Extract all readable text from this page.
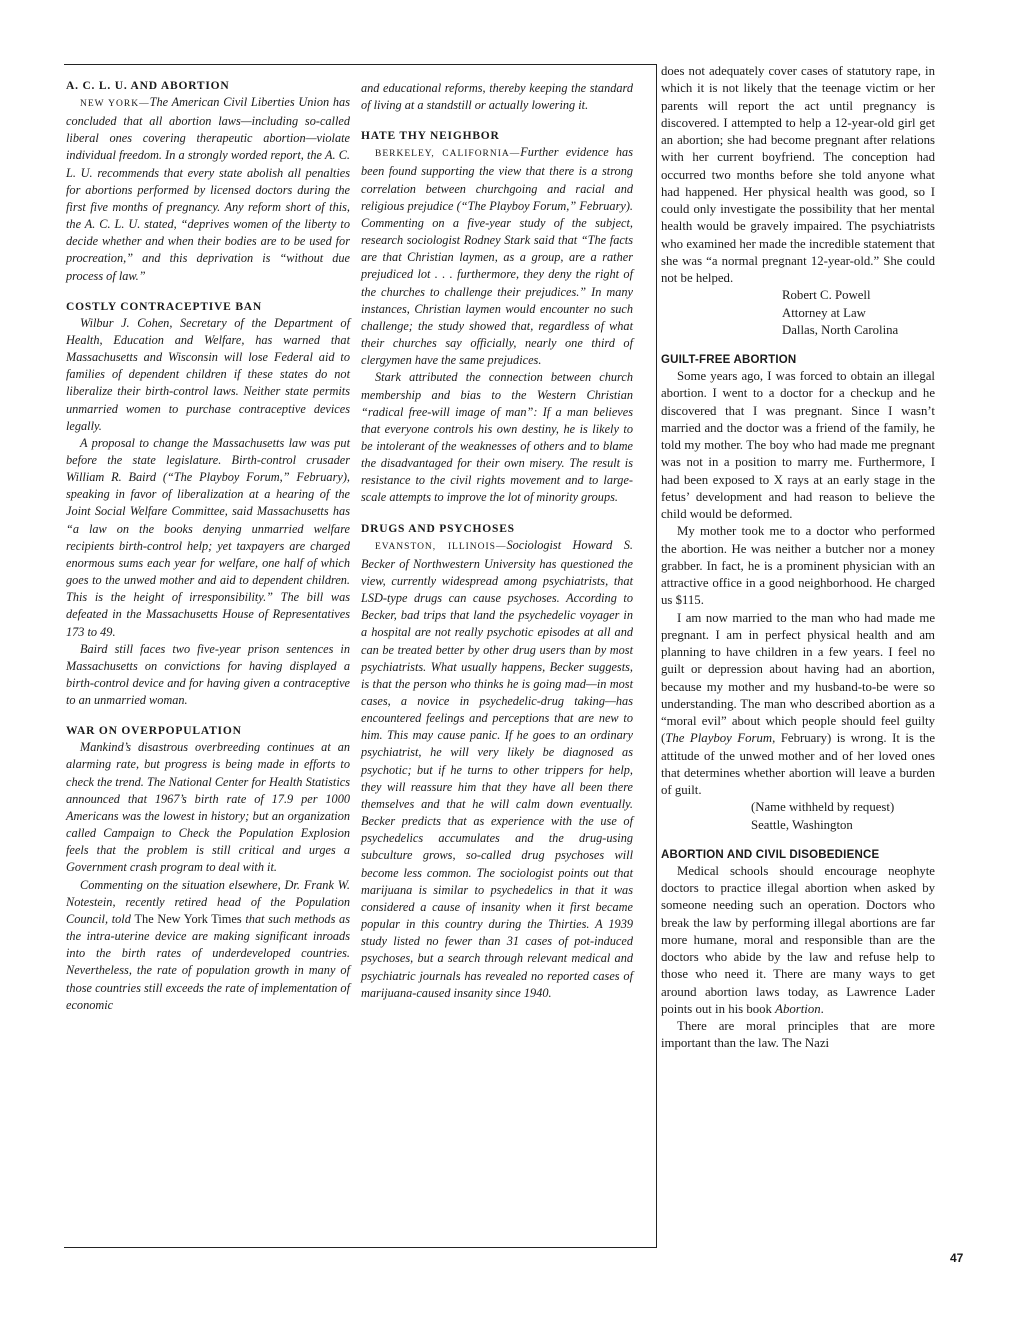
A. C. L. U. AND ABORTION

NEW YORK—The American Civil Liberties Union has concluded that all abortion laws—including so-called liberal ones covering therapeutic abortion—violate individual freedom. In a strongly worded report, the A. C. L. U. recommends that every state abolish all penalties for abortions performed by licensed doctors during the first five months of pregnancy. Any reform short of this, the A. C. L. U. stated, “deprives women of the liberty to decide whether and when their bodies are to be used for procreation,” and this deprivation is “without due process of law.”

COSTLY CONTRACEPTIVE BAN

Wilbur J. Cohen, Secretary of the Department of Health, Education and Welfare, has warned that Massachusetts and Wisconsin will lose Federal aid to families of dependent children if these states do not liberalize their birth-control laws. Neither state permits unmarried women to purchase contraceptive devices legally.

A proposal to change the Massachusetts law was put before the state legislature. Birth-control crusader William R. Baird (“The Playboy Forum,” February), speaking in favor of liberalization at a hearing of the Joint Social Welfare Committee, said Massachusetts has “a law on the books denying unmarried welfare recipients birth-control help; yet taxpayers are charged enormous sums each year for welfare, one half of which goes to the unwed mother and aid to dependent children. This is the height of irresponsibility.” The bill was defeated in the Massachusetts House of Representatives 173 to 49.

Baird still faces two five-year prison sentences in Massachusetts on convictions for having displayed a birth-control device and for having given a contraceptive to an unmarried woman.

WAR ON OVERPOPULATION

Mankind’s disastrous overbreeding continues at an alarming rate, but progress is being made in efforts to check the trend. The National Center for Health Statistics announced that 1967’s birth rate of 17.9 per 1000 Americans was the lowest in history; but an organization called Campaign to Check the Population Explosion feels that the problem is still critical and urges a Government crash program to deal with it.

Commenting on the situation elsewhere, Dr. Frank W. Notestein, recently retired head of the Population Council, told The New York Times that such methods as the intra-uterine device are making significant inroads into the birth rates of underdeveloped countries. Nevertheless, the rate of population growth in many of those countries still exceeds the rate of implementation of economic

and educational reforms, thereby keeping the standard of living at a standstill or actually lowering it.

HATE THY NEIGHBOR

BERKELEY, CALIFORNIA—Further evidence has been found supporting the view that there is a strong correlation between churchgoing and racial and religious prejudice (“The Playboy Forum,” February). Commenting on a five-year study of the subject, research sociologist Rodney Stark said that “The facts are that Christian laymen, as a group, are a rather prejudiced lot . . . furthermore, they deny the right of the churches to challenge their prejudices.” In many instances, Christian laymen would encounter no such challenge; the study showed that, regardless of what their churches say officially, nearly one third of clergymen have the same prejudices.

Stark attributed the connection between church membership and bias to the Western Christian “radical free-will image of man”: If a man believes that everyone controls his own destiny, he is likely to be intolerant of the weaknesses of others and to blame the disadvantaged for their own misery. The result is resistance to the civil rights movement and to large-scale attempts to improve the lot of minority groups.

DRUGS AND PSYCHOSES

EVANSTON, ILLINOIS—Sociologist Howard S. Becker of Northwestern University has questioned the view, currently widespread among psychiatrists, that LSD-type drugs can cause psychoses. According to Becker, bad trips that land the psychedelic voyager in a hospital are not really psychotic episodes at all and can be treated better by other drug users than by most psychiatrists. What usually happens, Becker suggests, is that the person who thinks he is going mad—in most cases, a novice in psychedelic-drug taking—has encountered feelings and perceptions that are new to him. This may cause panic. If he goes to an ordinary psychiatrist, he will very likely be diagnosed as psychotic; but if he turns to other trippers for help, they will reassure him that they have all been there themselves and that he will calm down eventually. Becker predicts that as experience with the use of psychedelics accumulates and the drug-using subculture grows, so-called drug psychoses will become less common. The sociologist points out that marijuana is similar to psychedelics in that it was considered a cause of insanity when it first became popular in this country during the Thirties. A 1939 study listed no fewer than 31 cases of pot-induced psychoses, but a search through relevant medical and psychiatric journals has revealed no reported cases of marijuana-caused insanity since 1940.

does not adequately cover cases of statutory rape, in which it is not likely that the teenage victim or her parents will report the act until pregnancy is discovered. I attempted to help a 12-year-old girl get an abortion; she had become pregnant after relations with her current boyfriend. The conception had occurred two months before she told anyone what had happened. Her physical health was good, so I could only investigate the possibility that her mental health would be gravely impaired. The psychiatrists who examined her made the incredible statement that she was “a normal pregnant 12-year-old.” She could not be helped.

Robert C. Powell

Attorney at Law

Dallas, North Carolina

GUILT-FREE ABORTION

Some years ago, I was forced to obtain an illegal abortion. I went to a doctor for a checkup and he discovered that I was pregnant. Since I wasn’t married and the doctor was a friend of the family, he told my mother. The boy who had made me pregnant was not in a position to marry me. Furthermore, I had been exposed to X rays at an early stage in the fetus’ development and had reason to believe the child would be deformed.

My mother took me to a doctor who performed the abortion. He was neither a butcher nor a money grabber. In fact, he is a prominent physician with an attractive office in a good neighborhood. He charged us $115.

I am now married to the man who had made me pregnant. I am in perfect physical health and am planning to have children in a few years. I feel no guilt or depression about having had an abortion, because my mother and my husband-to-be were so understanding. The man who described abortion as a “moral evil” about which people should feel guilty (The Playboy Forum, February) is wrong. It is the attitude of the unwed mother and of her loved ones that determines whether abortion will leave a burden of guilt.

(Name withheld by request)

Seattle, Washington

ABORTION AND CIVIL DISOBEDIENCE

Medical schools should encourage neophyte doctors to practice illegal abortion when asked by someone needing such an operation. Doctors who break the law by performing illegal abortions are far more humane, moral and responsible than are the doctors who abide by the law and refuse help to those who need it. There are many ways to get around abortion laws today, as Lawrence Lader points out in his book Abortion.

There are moral principles that are more important than the law. The Nazi

47
